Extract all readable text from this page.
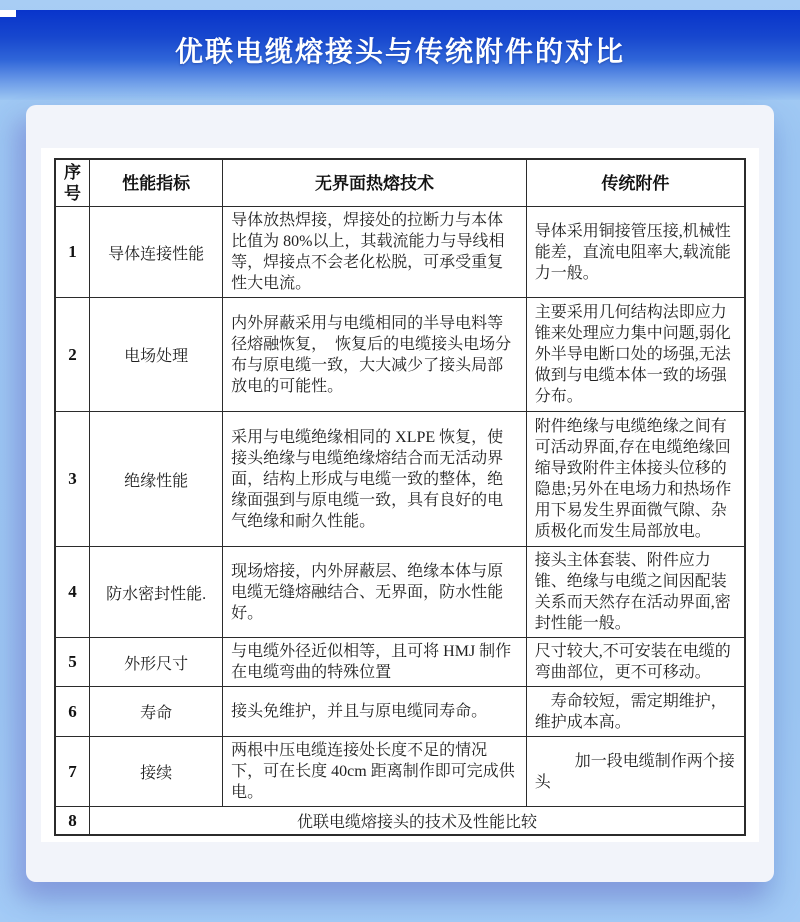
优联电缆熔接头与传统附件的对比
序号	性能指标	无界面热熔技术	传统附件
1	导体连接性能	导体放热焊接，焊接处的拉断力与本体比值为 80%以上，其载流能力与导线相等，焊接点不会老化松脱，可承受重复性大电流。	导体采用铜接管压接,机械性能差，直流电阻率大,载流能力一般。
2	电场处理	内外屏蔽采用与电缆相同的半导电料等径熔融恢复，　恢复后的电缆接头电场分布与原电缆一致，大大减少了接头局部放电的可能性。	主要采用几何结构法即应力锥来处理应力集中问题,弱化外半导电断口处的场强,无法做到与电缆本体一致的场强分布。
3	绝缘性能	采用与电缆绝缘相同的 XLPE 恢复，使接头绝缘与电缆绝缘熔结合而无活动界面，结构上形成与电缆一致的整体，绝缘面强到与原电缆一致，具有良好的电气绝缘和耐久性能。	附件绝缘与电缆绝缘之间有可活动界面,存在电缆绝缘回缩导致附件主体接头位移的隐患;另外在电场力和热场作用下易发生界面微气隙、杂质极化而发生局部放电。
4	防水密封性能.	现场熔接，内外屏蔽层、绝缘本体与原电缆无缝熔融结合、无界面，防水性能好。	接头主体套装、附件应力锥、绝缘与电缆之间因配装关系而天然存在活动界面,密封性能一般。
5	外形尺寸	与电缆外径近似相等，且可将 HMJ 制作在电缆弯曲的特殊位置	尺寸较大,不可安装在电缆的弯曲部位，更不可移动。
6	寿命	接头免维护，并且与原电缆同寿命。	寿命较短，需定期维护，维护成本高。
7	接续	两根中压电缆连接处长度不足的情况下，可在长度 40cm 距离制作即可完成供电。	加一段电缆制作两个接头
8	优联电缆熔接头的技术及性能比较		
